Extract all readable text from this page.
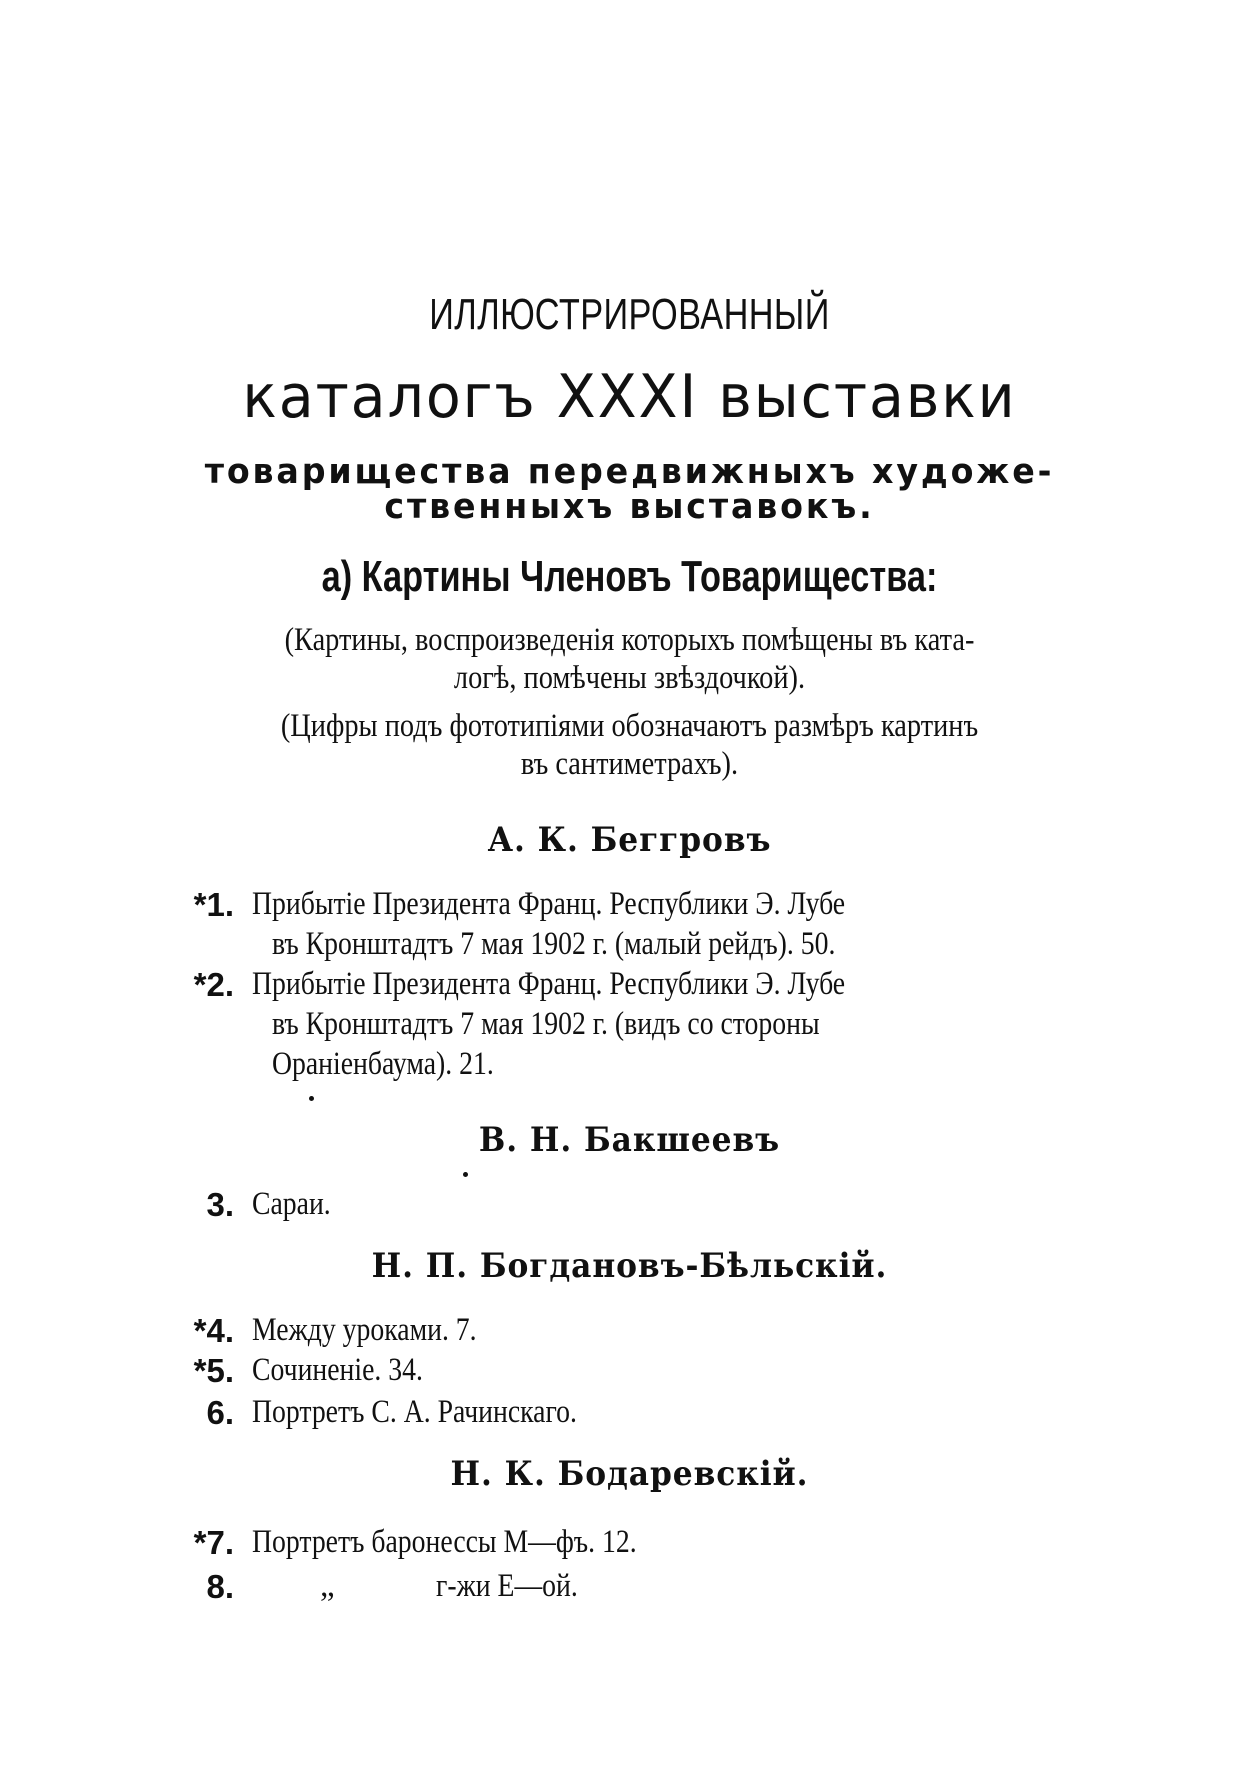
ИЛЛЮСТРИРОВАННЫЙ
каталогъ XXXI выставки
товарищества передвижныхъ художе-
ственныхъ выставокъ.
а) Картины Членовъ Товарищества:
(Картины, воспроизведенія которыхъ помѣщены въ ката-
логѣ, помѣчены звѣздочкой).
(Цифры подъ фототипіями обозначаютъ размѣръ картинъ
въ сантиметрахъ).
А. К. Беггровъ
*1. Прибытіе Президента Франц. Республики Э. Лубе
въ Кронштадтъ 7 мая 1902 г. (малый рейдъ). 50.
*2. Прибытіе Президента Франц. Республики Э. Лубе
въ Кронштадтъ 7 мая 1902 г. (видъ со стороны
Ораніенбаума). 21.
В. Н. Бакшеевъ
3. Сараи.
Н. П. Богдановъ-Бѣльскій.
*4. Между уроками. 7.
*5. Сочиненіе. 34.
6. Портретъ С. А. Рачинскаго.
Н. К. Бодаревскій.
*7. Портретъ баронессы М—фъ. 12.
8.	„	г-жи Е—ой.
